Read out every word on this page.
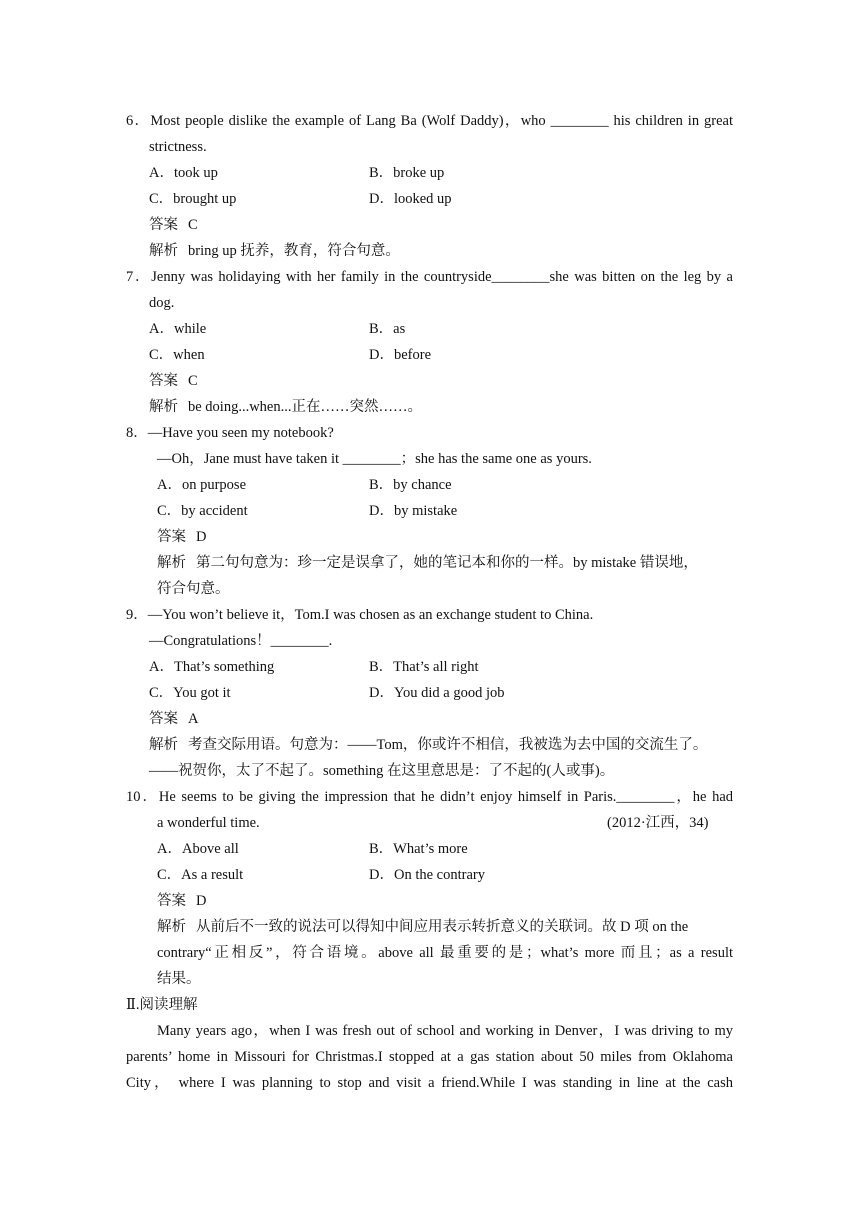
6．Most people dislike the example of Lang Ba (Wolf Daddy)，who ________ his children in great
strictness.
A．took up	B．broke up
C．brought up	D．looked up
答案 C
解析 bring up 抚养，教育，符合句意。
7．Jenny was holidaying with her family in the countryside________she was bitten on the leg by a
dog.
A．while	B．as
C．when	D．before
答案 C
解析 be doing...when...正在……突然……。
8．—Have you seen my notebook?
—Oh，Jane must have taken it ________；she has the same one as yours.
A．on purpose	B．by chance
C．by accident	D．by mistake
答案 D
解析 第二句句意为：珍一定是误拿了，她的笔记本和你的一样。by mistake 错误地，
符合句意。
9．—You won’t believe it，Tom.I was chosen as an exchange student to China.
—Congratulations！________.
A．That’s something	B．That’s all right
C．You got it	D．You did a good job
答案 A
解析 考查交际用语。句意为：——Tom，你或许不相信，我被选为去中国的交流生了。
——祝贺你，太了不起了。something 在这里意思是：了不起的(人或事)。
10．He seems to be giving the impression that he didn’t enjoy himself in Paris.________，he had
a wonderful time.	(2012·江西，34)
A．Above all	B．What’s more
C．As a result	D．On the contrary
答案 D
解析 从前后不一致的说法可以得知中间应用表示转折意义的关联词。故 D 项 on the
contrary“正相反”，符合语境。above all 最重要的是；what’s more 而且；as a result
结果。
Ⅱ.阅读理解
Many years ago，when I was fresh out of school and working in Denver，I was driving to my
parents’ home in Missouri for Christmas.I stopped at a gas station about 50 miles from Oklahoma
City， where I was planning to stop and visit a friend.While I was standing in line at the cash
